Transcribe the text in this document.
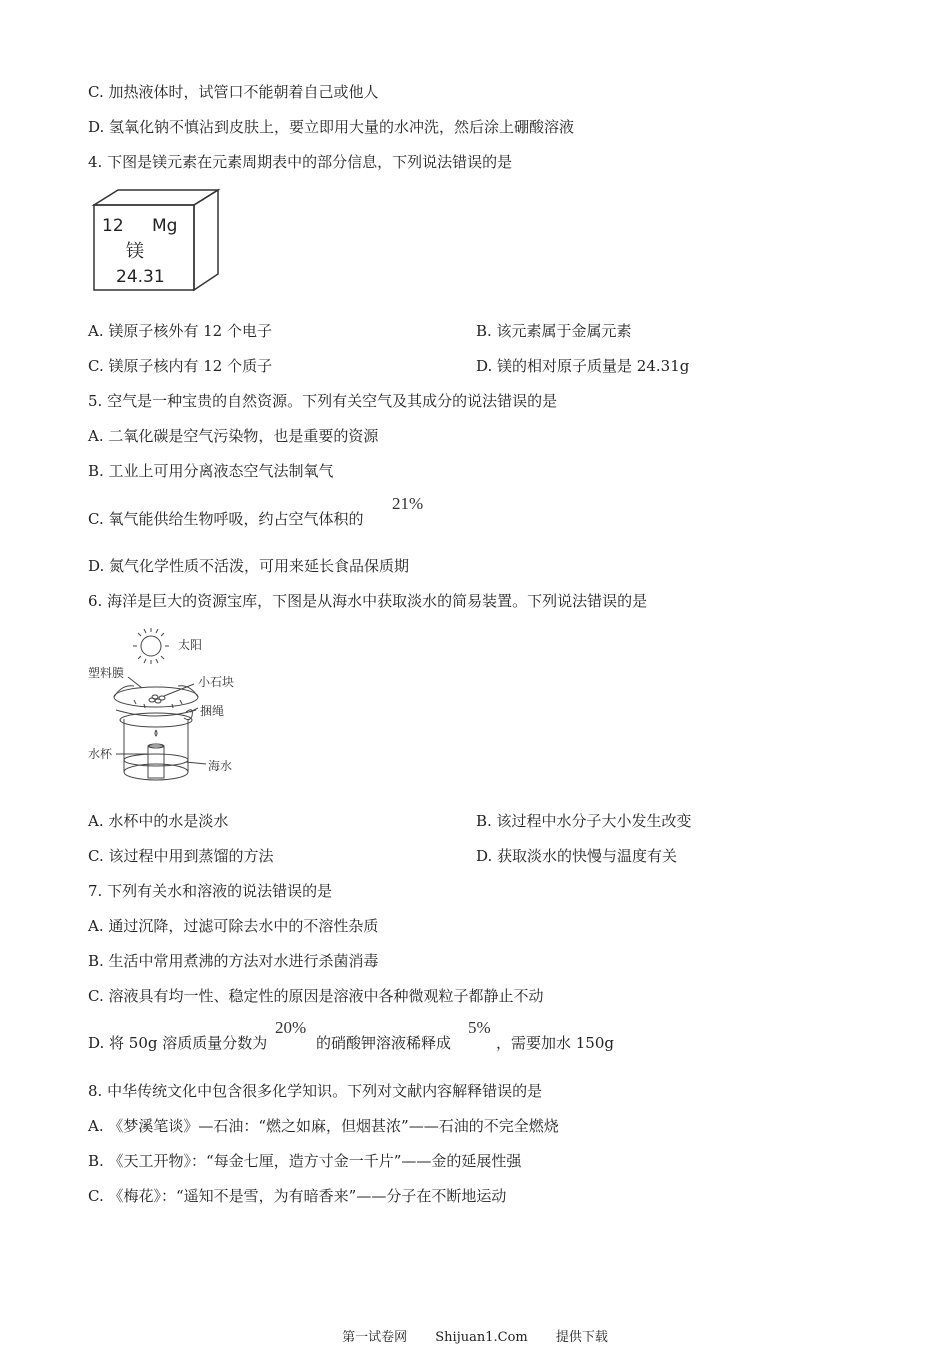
C. 加热液体时，试管口不能朝着自己或他人
D. 氢氧化钠不慎沾到皮肤上，要立即用大量的水冲洗，然后涂上硼酸溶液
4. 下图是镁元素在元素周期表中的部分信息，下列说法错误的是
12 Mg
镁
24.31
A. 镁原子核外有 12 个电子	B. 该元素属于金属元素
C. 镁原子核内有 12 个质子	D. 镁的相对原子质量是 24.31g
5. 空气是一种宝贵的自然资源。下列有关空气及其成分的说法错误的是
A. 二氧化碳是空气污染物，也是重要的资源
B. 工业上可用分离液态空气法制氧气
C. 氧气能供给生物呼吸，约占空气体积的
21%
D. 氮气化学性质不活泼，可用来延长食品保质期
6. 海洋是巨大的资源宝库，下图是从海水中获取淡水的简易装置。下列说法错误的是
太阳
塑料膜
小石块
捆绳
水杯
海水
A. 水杯中的水是淡水	B. 该过程中水分子大小发生改变
C. 该过程中用到蒸馏的方法	D. 获取淡水的快慢与温度有关
7. 下列有关水和溶液的说法错误的是
A. 通过沉降，过滤可除去水中的不溶性杂质
B. 生活中常用煮沸的方法对水进行杀菌消毒
C. 溶液具有均一性、稳定性的原因是溶液中各种微观粒子都静止不动
D. 将 50g 溶质质量分数为
20%
的硝酸钾溶液稀释成
5%
，需要加水 150g
8. 中华传统文化中包含很多化学知识。下列对文献内容解释错误的是
A. 《梦溪笔谈》—石油：“燃之如麻，但烟甚浓”——石油的不完全燃烧
B. 《天工开物》：“每金七厘，造方寸金一千片”——金的延展性强
C. 《梅花》：“遥知不是雪，为有暗香来”——分子在不断地运动
第一试卷网 Shijuan1.Com 提供下载
